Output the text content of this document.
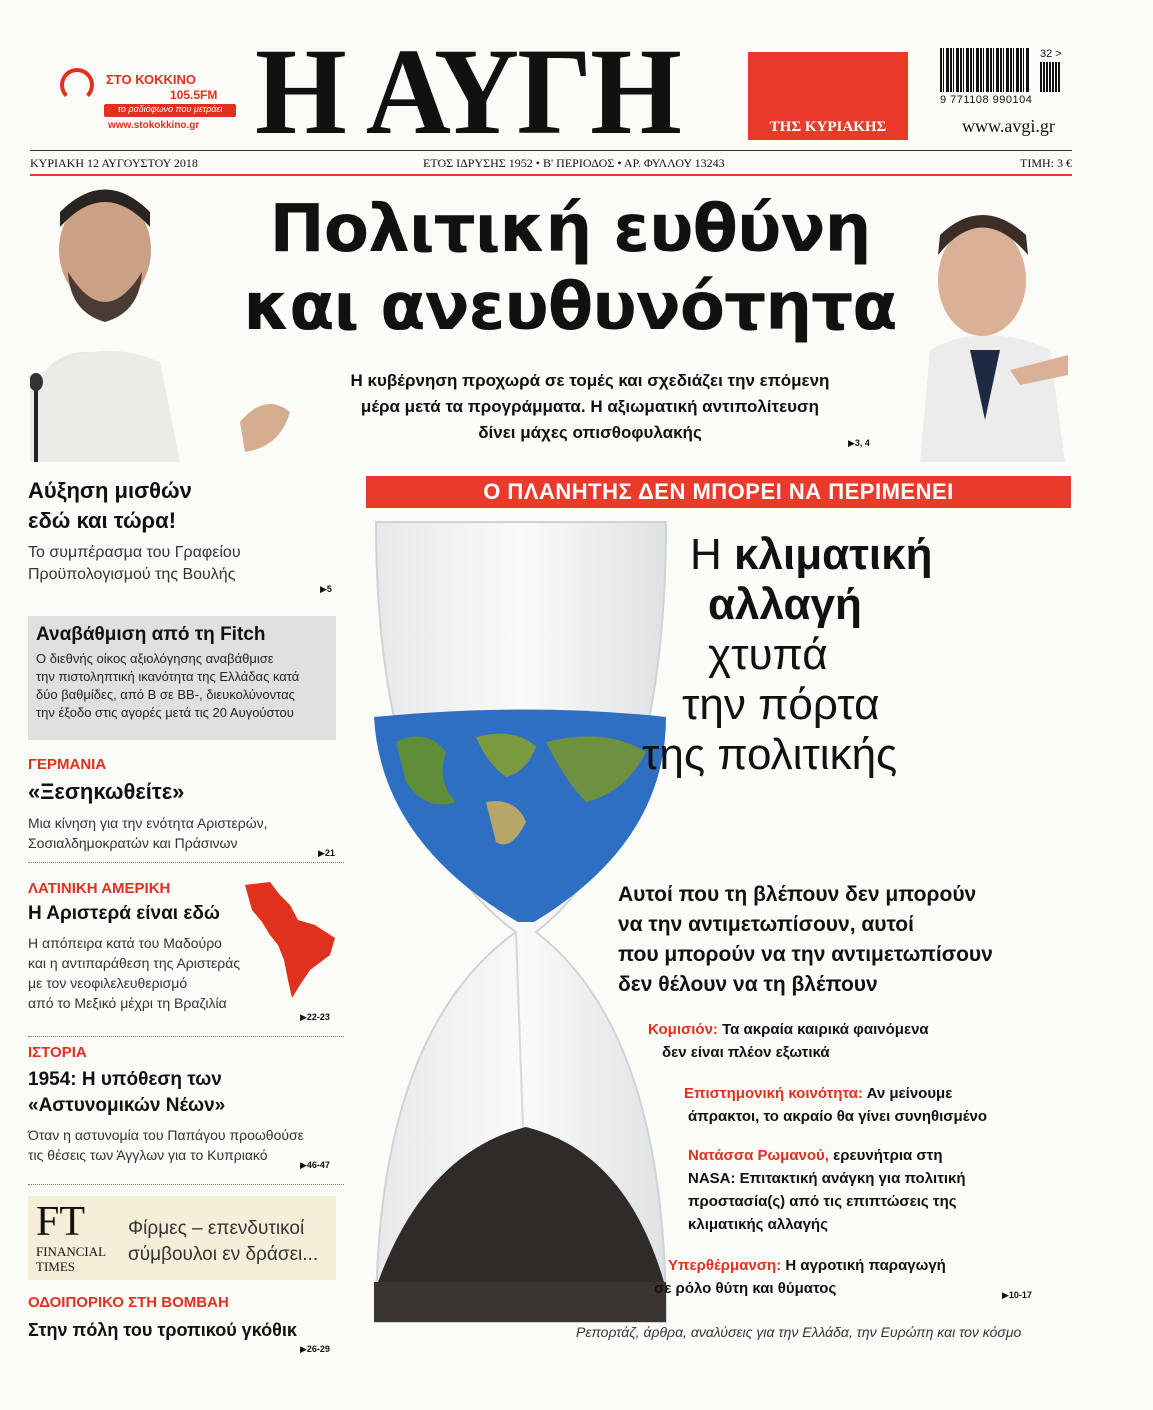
ΣΤΟ ΚΟΚΚΙΝΟ
105.5FM
το ραδιόφωνο που μετράει
www.stokokkino.gr Η ΑΥΓΗ	ΤΗΣ ΚΥΡΙΑΚΗΣ
9 771108 990104
32 >
www.avgi.gr
ΚΥΡΙΑΚΗ 12 ΑΥΓΟΥΣΤΟΥ 2018	ΕΤΟΣ ΙΔΡΥΣΗΣ 1952 • Β' ΠΕΡΙΟΔΟΣ • ΑΡ. ΦΥΛΛΟΥ 13243	ΤΙΜΗ: 3 €
Πολιτική ευθύνη
και ανευθυνότητα
Η κυβέρνηση προχωρά σε τομές και σχεδιάζει την επόμενη
μέρα μετά τα προγράμματα. Η αξιωματική αντιπολίτευση
δίνει μάχες οπισθοφυλακής
▶3, 4
Αύξηση μισθών
εδώ και τώρα!
Το συμπέρασμα του Γραφείου
Προϋπολογισμού της Βουλής
▶5
Αναβάθμιση από τη Fitch
Ο διεθνής οίκος αξιολόγησης αναβάθμισε
την πιστοληπτική ικανότητα της Ελλάδας κατά
δύο βαθμίδες, από Β σε ΒΒ-, διευκολύνοντας
την έξοδο στις αγορές μετά τις 20 Αυγούστου
ΓΕΡΜΑΝΙΑ
«Ξεσηκωθείτε»
Μια κίνηση για την ενότητα Αριστερών,
Σοσιαλδημοκρατών και Πράσινων
▶21
ΛΑΤΙΝΙΚΗ ΑΜΕΡΙΚΗ
Η Αριστερά είναι εδώ
Η απόπειρα κατά του Μαδούρο
και η αντιπαράθεση της Αριστεράς
με τον νεοφιλελευθερισμό
από το Μεξικό μέχρι τη Βραζιλία
▶22-23
ΙΣΤΟΡΙΑ
1954: Η υπόθεση των
«Αστυνομικών Νέων»
Όταν η αστυνομία του Παπάγου προωθούσε
τις θέσεις των Άγγλων για το Κυπριακό
▶46-47
FT
FINANCIAL
TIMES
Φίρμες – επενδυτικοί
σύμβουλοι εν δράσει...
ΟΔΟΙΠΟΡΙΚΟ ΣΤΗ ΒΟΜΒΑΗ
Στην πόλη του τροπικού γκόθικ
▶26-29
Ο ΠΛΑΝΗΤΗΣ ΔΕΝ ΜΠΟΡΕΙ ΝΑ ΠΕΡΙΜΕΝΕΙ
Η κλιματική
αλλαγή
χτυπά
την πόρτα
της πολιτικής
Αυτοί που τη βλέπουν δεν μπορούν
να την αντιμετωπίσουν, αυτοί
που μπορούν να την αντιμετωπίσουν
δεν θέλουν να τη βλέπουν
Κομισιόν: Τα ακραία καιρικά φαινόμενα
δεν είναι πλέον εξωτικά
Επιστημονική κοινότητα: Αν μείνουμε
άπρακτοι, το ακραίο θα γίνει συνηθισμένο
Νατάσσα Ρωμανού, ερευνήτρια στη
NASA: Επιτακτική ανάγκη για πολιτική
προστασία(ς) από τις επιπτώσεις της
κλιματικής αλλαγής
Υπερθέρμανση: Η αγροτική παραγωγή
σε ρόλο θύτη και θύματος	▶10-17
Ρεπορτάζ, άρθρα, αναλύσεις για την Ελλάδα, την Ευρώπη και τον κόσμο
